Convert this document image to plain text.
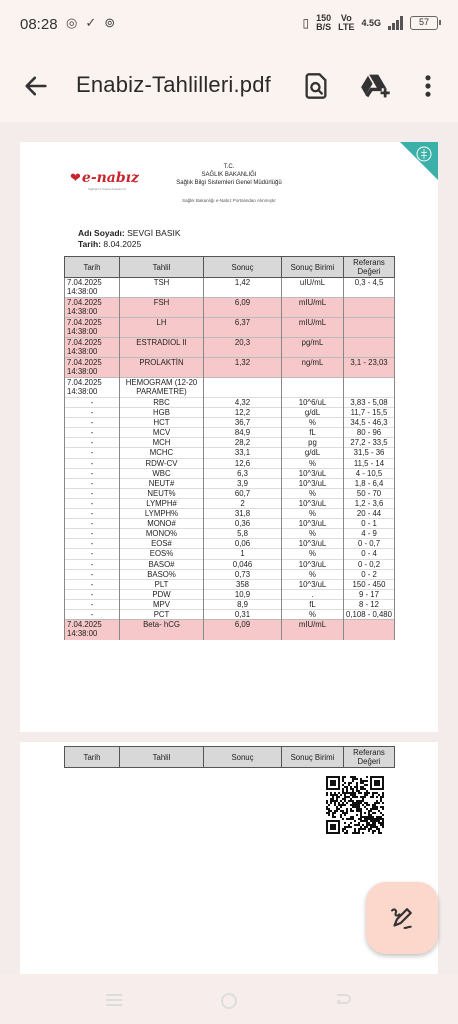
08:28 ◎ ✓ ⊚	▯ 150
B/S
Vo
LTE 4.5G	57
Enabiz-Tahlilleri.pdf
❤ e-nabız
Sağlığınız Kişisel Asistanınız
T.C.
SAĞLIK BAKANLIĞI
Sağlık Bilgi Sistemleri Genel Müdürlüğü
Sağlık Bakanlığı e-Nabız Portalından Alınmıştır
Adı Soyadı: SEVGİ BASIK
Tarih: 8.04.2025
Tarih	Tahlil	Sonuç	Sonuç Birimi	Referans Değeri
7.04.2025 14:38:00	TSH	1,42	uIU/mL	0,3 - 4,5
7.04.2025 14:38:00	FSH	6,09	mIU/mL	
7.04.2025 14:38:00	LH	6,37	mIU/mL	
7.04.2025 14:38:00	ESTRADIOL II	20,3	pg/mL	
7.04.2025 14:38:00	PROLAKTİN	1,32	ng/mL	3,1 - 23,03
7.04.2025 14:38:00	HEMOGRAM (12-20 PARAMETRE)			
-	RBC	4,32	10^6/uL	3,83 - 5,08
-	HGB	12,2	g/dL	11,7 - 15,5
-	HCT	36,7	%	34,5 - 46,3
-	MCV	84,9	fL	80 - 96
-	MCH	28,2	pg	27,2 - 33,5
-	MCHC	33,1	g/dL	31,5 - 36
-	RDW-CV	12,6	%	11,5 - 14
-	WBC	6,3	10^3/uL	4 - 10,5
-	NEUT#	3,9	10^3/uL	1,8 - 6,4
-	NEUT%	60,7	%	50 - 70
-	LYMPH#	2	10^3/uL	1,2 - 3,6
-	LYMPH%	31,8	%	20 - 44
-	MONO#	0,36	10^3/uL	0 - 1
-	MONO%	5,8	%	4 - 9
-	EOS#	0,06	10^3/uL	0 - 0,7
-	EOS%	1	%	0 - 4
-	BASO#	0,046	10^3/uL	0 - 0,2
-	BASO%	0,73	%	0 - 2
-	PLT	358	10^3/uL	150 - 450
-	PDW	10,9	.	9 - 17
-	MPV	8,9	fL	8 - 12
-	PCT	0,31	%	0,108 - 0,480
7.04.2025 14:38:00	Beta- hCG	6,09	mIU/mL	
Tarih	Tahlil	Sonuç	Sonuç Birimi	Referans Değeri
